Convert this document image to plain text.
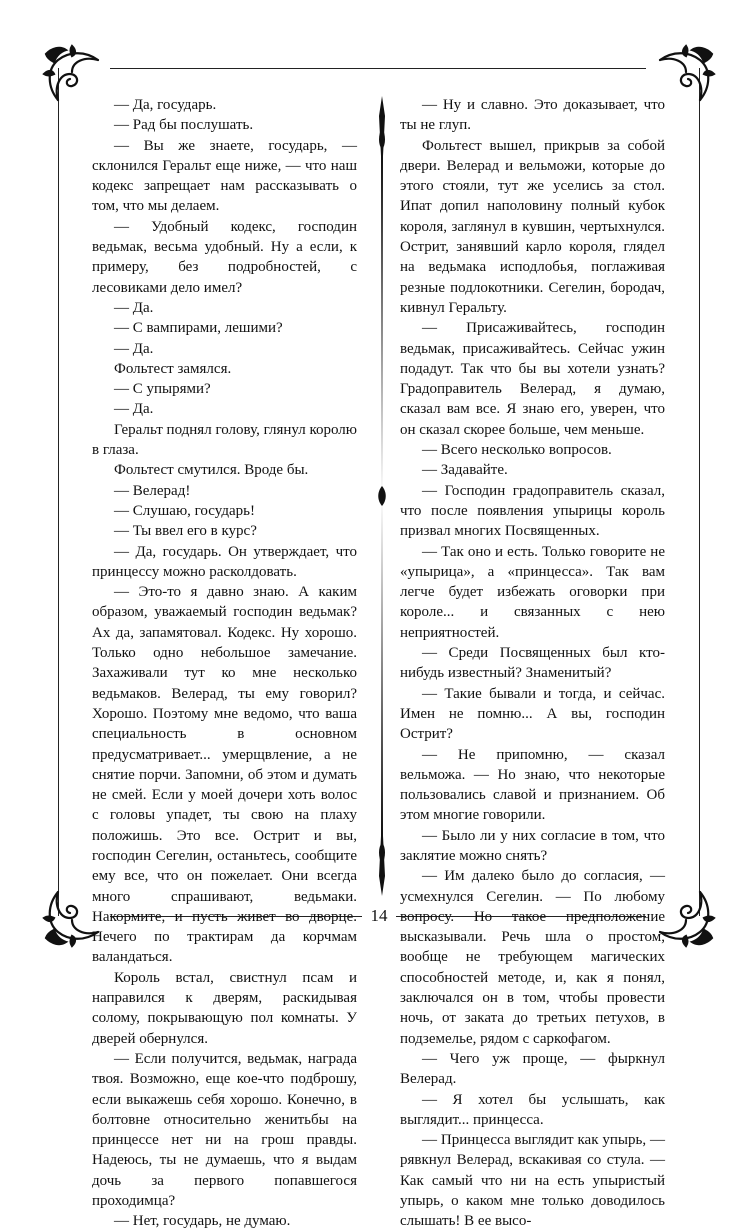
— Да, государь.

— Рад бы послушать.

— Вы же знаете, государь, — склонился Геральт еще ниже, — что наш кодекс запрещает нам рассказывать о том, что мы делаем.

— Удобный кодекс, господин ведьмак, весьма удобный. Ну а если, к примеру, без подробностей, с лесовиками дело имел?

— Да.

— С вампирами, лешими?

— Да.

Фольтест замялся.

— С упырями?

— Да.

Геральт поднял голову, глянул королю в глаза.

Фольтест смутился. Вроде бы.

— Велерад!

— Слушаю, государь!

— Ты ввел его в курс?

— Да, государь. Он утверждает, что принцессу можно расколдовать.

— Это-то я давно знаю. А каким образом, уважаемый господин ведьмак? Ах да, запамятовал. Кодекс. Ну хорошо. Только одно небольшое замечание. Захаживали тут ко мне несколько ведьмаков. Велерад, ты ему говорил? Хорошо. Поэтому мне ведомо, что ваша специальность в основном предусматривает... умерщвление, а не снятие порчи. Запомни, об этом и думать не смей. Если у моей дочери хоть волос с головы упадет, ты свою на плаху положишь. Это все. Острит и вы, господин Сегелин, останьтесь, сообщите ему все, что он пожелает. Они всегда много спрашивают, ведьмаки. Накормите, и пусть живет во дворце. Нечего по трактирам да корчмам валандаться.

Король встал, свистнул псам и направился к дверям, раскидывая солому, покрывающую пол комнаты. У дверей обернулся.

— Если получится, ведьмак, награда твоя. Возможно, еще кое-что подброшу, если выкажешь себя хорошо. Конечно, в болтовне относительно женитьбы на принцессе нет ни на грош правды. Надеюсь, ты не думаешь, что я выдам дочь за первого попавшегося проходимца?

— Нет, государь, не думаю.

— Ну и славно. Это доказывает, что ты не глуп.

Фольтест вышел, прикрыв за собой двери. Велерад и вельможи, которые до этого стояли, тут же уселись за стол. Ипат допил наполовину полный кубок короля, заглянул в кувшин, чертыхнулся. Острит, занявший карло короля, глядел на ведьмака исподлобья, поглаживая резные подлокотники. Сегелин, бородач, кивнул Геральту.

— Присаживайтесь, господин ведьмак, присаживайтесь. Сейчас ужин подадут. Так что бы вы хотели узнать? Градоправитель Велерад, я думаю, сказал вам все. Я знаю его, уверен, что он сказал скорее больше, чем меньше.

— Всего несколько вопросов.

— Задавайте.

— Господин градоправитель сказал, что после появления упырицы король призвал многих Посвященных.

— Так оно и есть. Только говорите не «упырица», а «принцесса». Так вам легче будет избежать оговорки при короле... и связанных с нею неприятностей.

— Среди Посвященных был кто-нибудь известный? Знаменитый?

— Такие бывали и тогда, и сейчас. Имен не помню... А вы, господин Острит?

— Не припомню, — сказал вельможа. — Но знаю, что некоторые пользовались славой и признанием. Об этом многие говорили.

— Было ли у них согласие в том, что заклятие можно снять?

— Им далеко было до согласия, — усмехнулся Сегелин. — По любому вопросу. Но такое предположение высказывали. Речь шла о простом, вообще не требующем магических способностей методе, и, как я понял, заключался он в том, чтобы провести ночь, от заката до третьих петухов, в подземелье, рядом с саркофагом.

— Чего уж проще, — фыркнул Велерад.

— Я хотел бы услышать, как выглядит... принцесса.

— Принцесса выглядит как упырь, — рявкнул Велерад, вскакивая со стула. — Как самый что ни на есть упыристый упырь, о каком мне только доводилось слышать! В ее высо-

14
